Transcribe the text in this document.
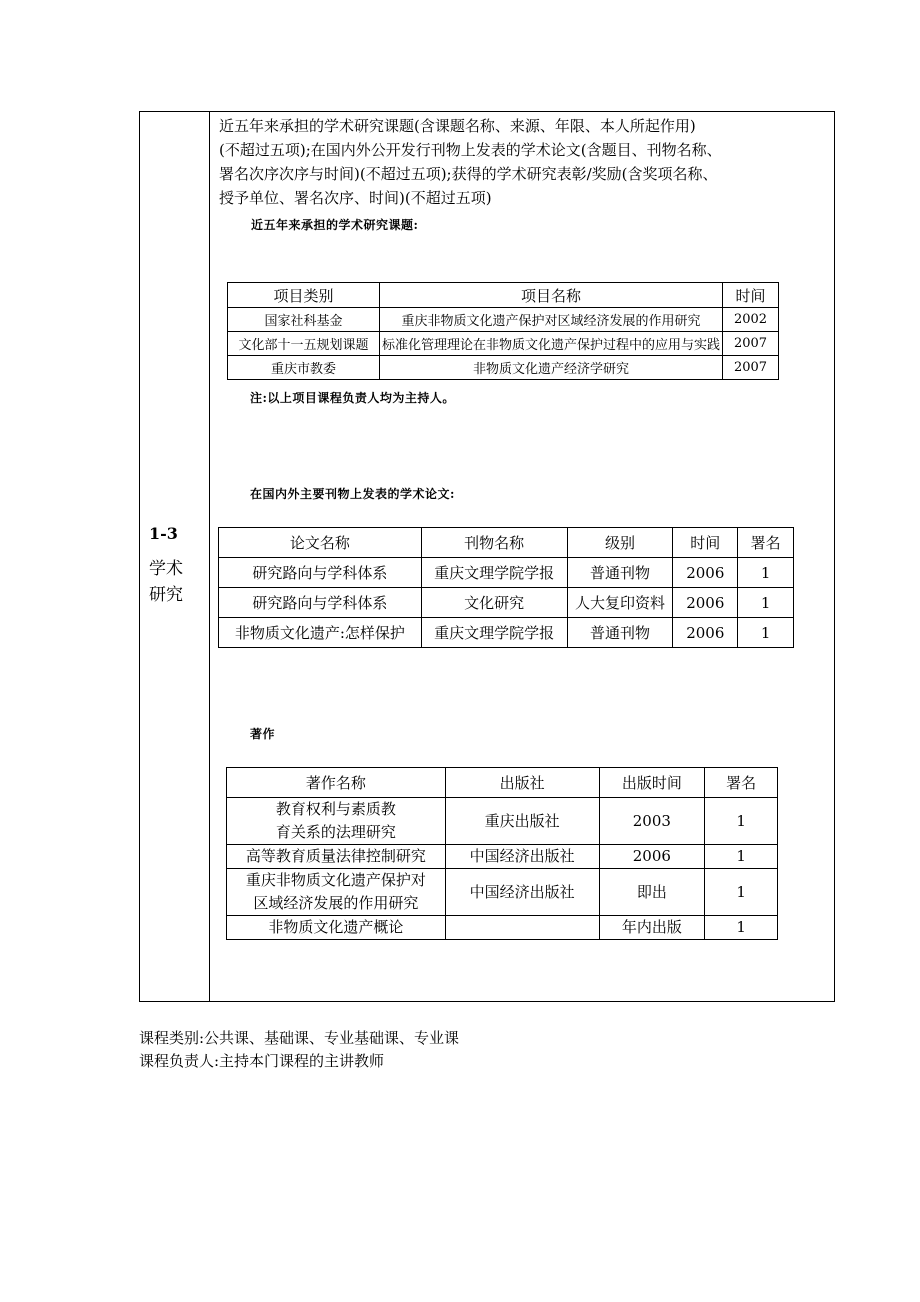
1-3
学术
研究
近五年来承担的学术研究课题(含课题名称、来源、年限、本人所起作用)
(不超过五项);在国内外公开发行刊物上发表的学术论文(含题目、刊物名称、
署名次序次序与时间)(不超过五项);获得的学术研究表彰/奖励(含奖项名称、
授予单位、署名次序、时间)(不超过五项)
近五年来承担的学术研究课题:
项目类别	项目名称	时间
国家社科基金	重庆非物质文化遗产保护对区域经济发展的作用研究	2002
文化部十一五规划课题	标准化管理理论在非物质文化遗产保护过程中的应用与实践	2007
重庆市教委	非物质文化遗产经济学研究	2007
注:以上项目课程负责人均为主持人。
在国内外主要刊物上发表的学术论文:
论文名称	刊物名称	级别	时间	署名
研究路向与学科体系	重庆文理学院学报	普通刊物	2006	1
研究路向与学科体系	文化研究	人大复印资料	2006	1
非物质文化遗产:怎样保护	重庆文理学院学报	普通刊物	2006	1
著作
著作名称	出版社	出版时间	署名
教育权利与素质教育关系的法理研究	重庆出版社	2003	1
高等教育质量法律控制研究	中国经济出版社	2006	1
重庆非物质文化遗产保护对区域经济发展的作用研究	中国经济出版社	即出	1
非物质文化遗产概论		年内出版	1
课程类别:公共课、基础课、专业基础课、专业课
课程负责人:主持本门课程的主讲教师
